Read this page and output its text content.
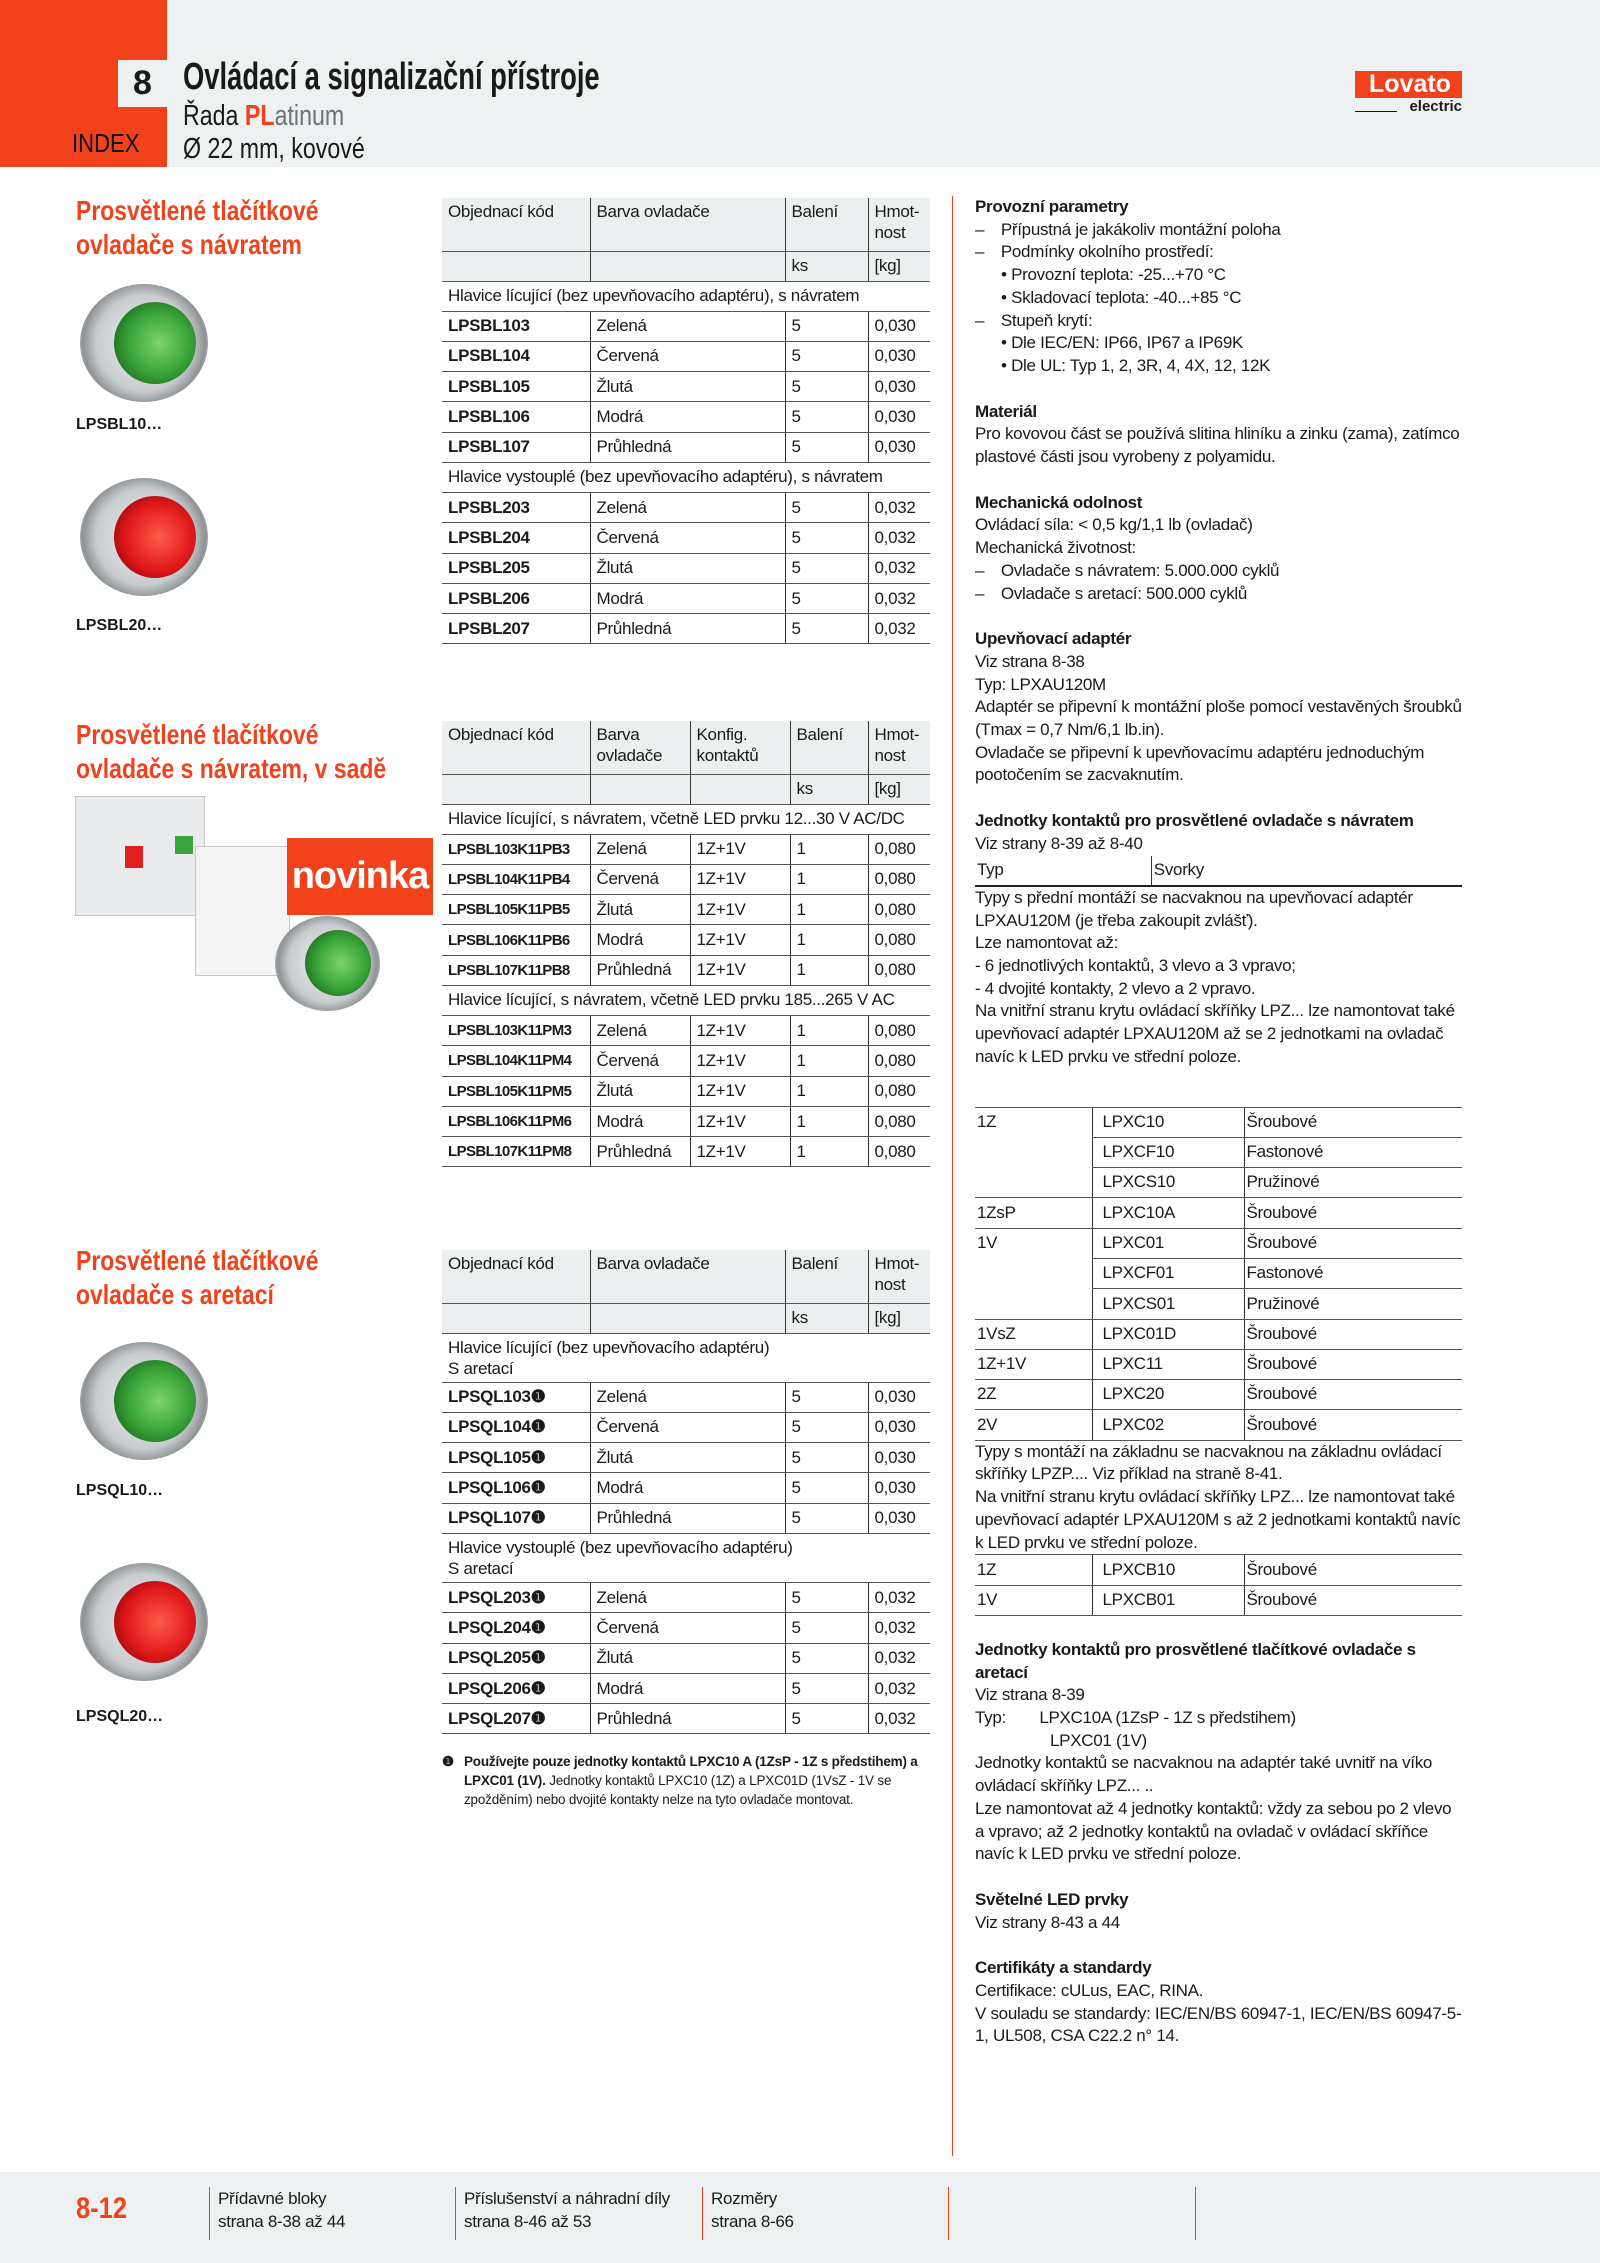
8
INDEX
Ovládací a signalizační přístroje
Řada PLatinum
Ø 22 mm, kovové
Lovato
electric
Prosvětlené tlačítkové
ovladače s návratem
LPSBL10…
LPSBL20…
Prosvětlené tlačítkové
ovladače s návratem, v sadě
novinka
Prosvětlené tlačítkové
ovladače s aretací
LPSQL10…
LPSQL20…
Objednací kód	Barva ovladače	Balení	Hmot-
nost
		ks	[kg]
Hlavice lícující (bez upevňovacího adaptéru), s návratem			
LPSBL103	Zelená	5	0,030
LPSBL104	Červená	5	0,030
LPSBL105	Žlutá	5	0,030
LPSBL106	Modrá	5	0,030
LPSBL107	Průhledná	5	0,030
Hlavice vystouplé (bez upevňovacího adaptéru), s návratem			
LPSBL203	Zelená	5	0,032
LPSBL204	Červená	5	0,032
LPSBL205	Žlutá	5	0,032
LPSBL206	Modrá	5	0,032
LPSBL207	Průhledná	5	0,032
Objednací kód	Barva ovladače	Konfig. kontaktů	Balení	Hmot-
nost
			ks	[kg]
Hlavice lícující, s návratem, včetně LED prvku 12...30 V AC/DC				
LPSBL103K11PB3	Zelená	1Z+1V	1	0,080
LPSBL104K11PB4	Červená	1Z+1V	1	0,080
LPSBL105K11PB5	Žlutá	1Z+1V	1	0,080
LPSBL106K11PB6	Modrá	1Z+1V	1	0,080
LPSBL107K11PB8	Průhledná	1Z+1V	1	0,080
Hlavice lícující, s návratem, včetně LED prvku 185...265 V AC				
LPSBL103K11PM3	Zelená	1Z+1V	1	0,080
LPSBL104K11PM4	Červená	1Z+1V	1	0,080
LPSBL105K11PM5	Žlutá	1Z+1V	1	0,080
LPSBL106K11PM6	Modrá	1Z+1V	1	0,080
LPSBL107K11PM8	Průhledná	1Z+1V	1	0,080
Objednací kód	Barva ovladače	Balení	Hmot-
nost
		ks	[kg]
Hlavice lícující (bez upevňovacího adaptéru)
S aretací			
LPSQL103❶	Zelená	5	0,030
LPSQL104❶	Červená	5	0,030
LPSQL105❶	Žlutá	5	0,030
LPSQL106❶	Modrá	5	0,030
LPSQL107❶	Průhledná	5	0,030
Hlavice vystouplé (bez upevňovacího adaptéru)
S aretací			
LPSQL203❶	Zelená	5	0,032
LPSQL204❶	Červená	5	0,032
LPSQL205❶	Žlutá	5	0,032
LPSQL206❶	Modrá	5	0,032
LPSQL207❶	Průhledná	5	0,032
❶ Používejte pouze jednotky kontaktů LPXC10 A (1ZsP - 1Z s předstihem) a LPXC01 (1V). Jednotky kontaktů LPXC10 (1Z) a LPXC01D (1VsZ - 1V se zpožděním) nebo dvojité kontakty nelze na tyto ovladače montovat.
Provozní parametry
– Přípustná je jakákoliv montážní poloha
– Podmínky okolního prostředí:
• Provozní teplota: -25...+70 °C
• Skladovací teplota: -40...+85 °C
– Stupeň krytí:
• Dle IEC/EN: IP66, IP67 a IP69K
• Dle UL: Typ 1, 2, 3R, 4, 4X, 12, 12K
Materiál
Pro kovovou část se používá slitina hliníku a zinku (zama), zatímco plastové části jsou vyrobeny z polyamidu.
Mechanická odolnost
Ovládací síla: < 0,5 kg/1,1 lb (ovladač)
Mechanická životnost:
– Ovladače s návratem: 5.000.000 cyklů
– Ovladače s aretací: 500.000 cyklů
Upevňovací adaptér
Viz strana 8-38
Typ: LPXAU120M
Adaptér se připevní k montážní ploše pomocí vestavěných šroubků (Tmax = 0,7 Nm/6,1 lb.in).
Ovladače se připevní k upevňovacímu adaptéru jednoduchým pootočením se zacvaknutím.
Jednotky kontaktů pro prosvětlené ovladače s návratem
Viz strany 8-39 až 8-40
Typ	Svorky
Typy s přední montáží se nacvaknou na upevňovací adaptér LPXAU120M (je třeba zakoupit zvlášť).
Lze namontovat až:
- 6 jednotlivých kontaktů, 3 vlevo a 3 vpravo;
- 4 dvojité kontakty, 2 vlevo a 2 vpravo.
Na vnitřní stranu krytu ovládací skříňky LPZ... lze namontovat také upevňovací adaptér LPXAU120M až se 2 jednotkami na ovladač navíc k LED prvku ve střední poloze.
1Z	LPXC10	Šroubové
	LPXCF10	Fastonové
	LPXCS10	Pružinové
1ZsP	LPXC10A	Šroubové
1V	LPXC01	Šroubové
	LPXCF01	Fastonové
	LPXCS01	Pružinové
1VsZ	LPXC01D	Šroubové
1Z+1V	LPXC11	Šroubové
2Z	LPXC20	Šroubové
2V	LPXC02	Šroubové
Typy s montáží na základnu se nacvaknou na základnu ovládací skříňky LPZP.... Viz příklad na straně 8-41.
Na vnitřní stranu krytu ovládací skříňky LPZ... lze namontovat také upevňovací adaptér LPXAU120M s až 2 jednotkami kontaktů navíc k LED prvku ve střední poloze.
1Z	LPXCB10	Šroubové
1V	LPXCB01	Šroubové
Jednotky kontaktů pro prosvětlené tlačítkové ovladače s aretací
Viz strana 8-39
Typ:  LPXC10A (1ZsP - 1Z s předstihem)
     LPXC01 (1V)
Jednotky kontaktů se nacvaknou na adaptér také uvnitř na víko ovládací skříňky LPZ... ..
Lze namontovat až 4 jednotky kontaktů: vždy za sebou po 2 vlevo a vpravo; až 2 jednotky kontaktů na ovladač v ovládací skříňce navíc k LED prvku ve střední poloze.
Světelné LED prvky
Viz strany 8-43 a 44
Certifikáty a standardy
Certifikace: cULus, EAC, RINA.
V souladu se standardy: IEC/EN/BS 60947-1, IEC/EN/BS 60947-5-1, UL508, CSA C22.2 n° 14.
8-12	Přídavné bloky
strana 8-38 až 44
Příslušenství a náhradní díly
strana 8-46 až 53
Rozměry
strana 8-66
